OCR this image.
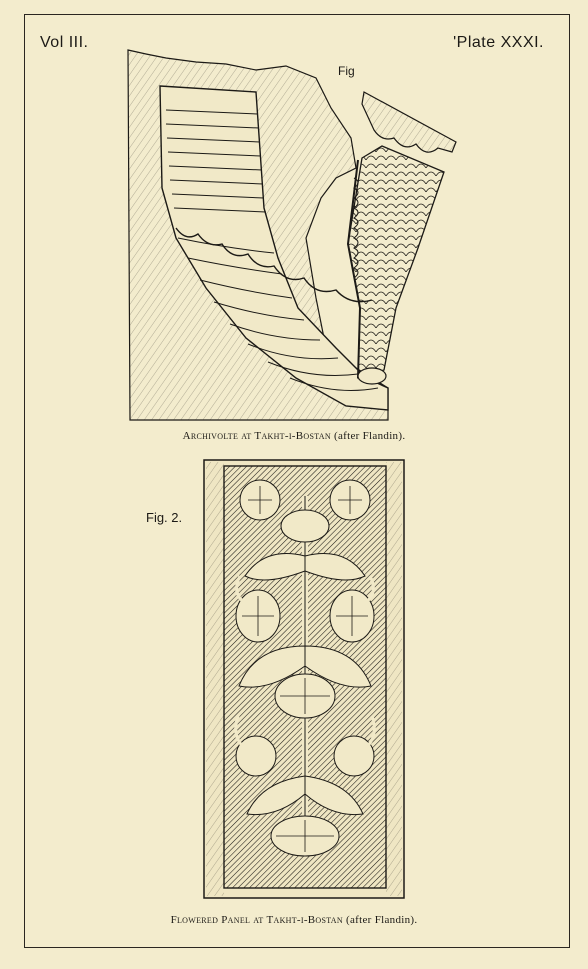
Vol III.	'Plate XXXI.
Fig
Archivolte at Takht-i-Bostan (after Flandin).
Fig. 2.
Flowered Panel at Takht-i-Bostan (after Flandin).
